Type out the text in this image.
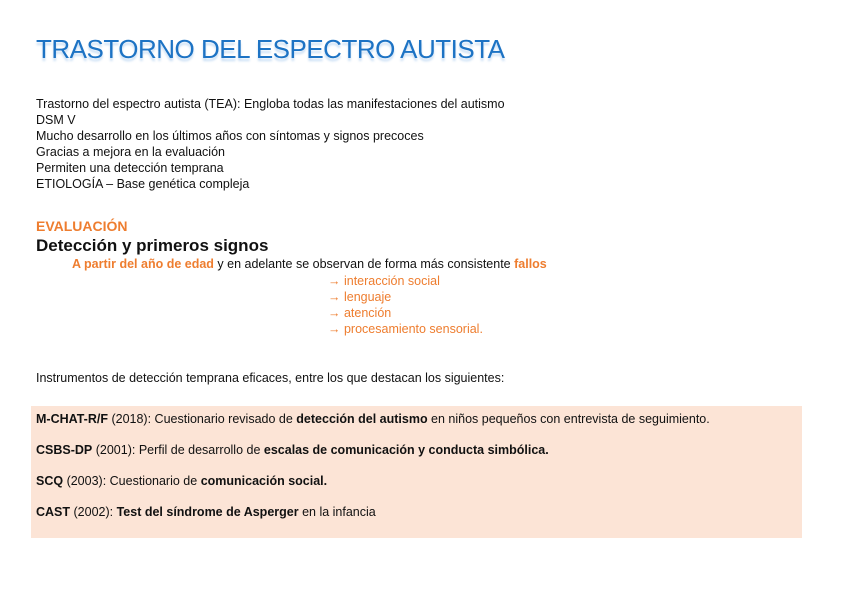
TRASTORNO DEL ESPECTRO AUTISTA
Trastorno del espectro autista (TEA): Engloba todas las manifestaciones del autismo
DSM V
Mucho desarrollo en los últimos años con síntomas y signos precoces
Gracias a mejora en la evaluación
Permiten una detección temprana
ETIOLOGÍA – Base genética compleja
EVALUACIÓN
Detección y primeros signos
A partir del año de edad y en adelante se observan de forma más consistente fallos
→ interacción social
→ lenguaje
→ atención
→ procesamiento sensorial.
Instrumentos de detección temprana eficaces, entre los que destacan los siguientes:
M-CHAT-R/F (2018): Cuestionario revisado de detección del autismo en niños pequeños con entrevista de seguimiento.
CSBS-DP (2001): Perfil de desarrollo de escalas de comunicación y conducta simbólica.
SCQ (2003): Cuestionario de comunicación social.
CAST (2002): Test del síndrome de Asperger en la infancia
